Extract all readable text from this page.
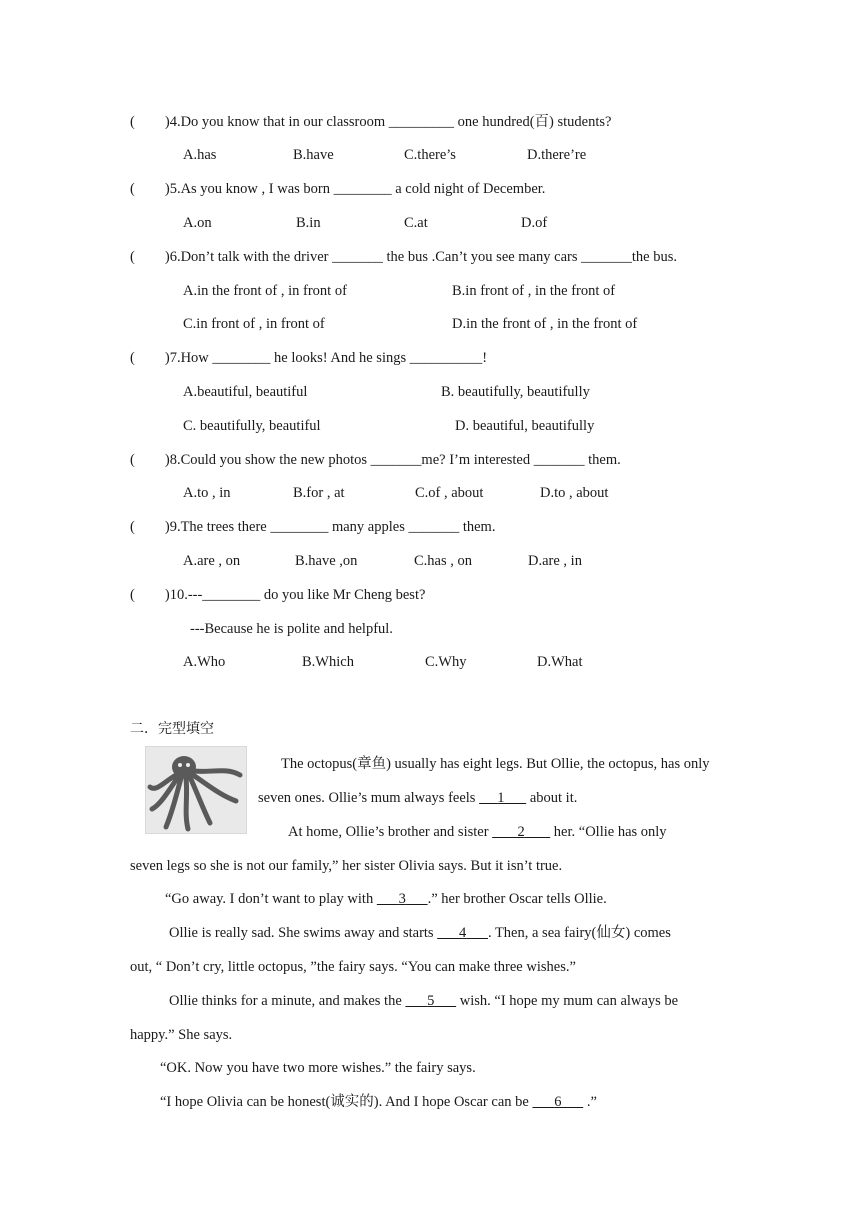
( )4.Do you know that in our classroom _________ one hundred(百) students?
A.has	B.have	C.there’s	D.there’re
( )5.As you know , I was born ________ a cold night of December.
A.on	B.in	C.at	D.of
( )6.Don’t talk with the driver _______ the bus .Can’t you see many cars _______the bus.
A.in the front of , in front of	B.in front of , in the front of
C.in front of , in front of	D.in the front of , in the front of
( )7.How ________ he looks! And he sings __________!
A.beautiful, beautiful	B. beautifully, beautifully
C. beautifully, beautiful	D. beautiful, beautifully
( )8.Could you show the new photos _______me? I’m interested _______ them.
A.to , in	B.for , at	C.of , about	D.to , about
( )9.The trees there ________ many apples _______ them.
A.are , on	B.have ,on	C.has , on	D.are , in
( )10.---________ do you like Mr Cheng best?
---Because he is polite and helpful.
A.Who	B.Which	C.Why	D.What
二．完型填空
The octopus(章鱼) usually has eight legs. But Ollie, the octopus, has only
seven ones. Ollie’s mum always feels      1       about it.
At home, Ollie’s brother and sister        2        her. “Ollie has only
seven legs so she is not our family,” her sister Olivia says. But it isn’t true.
“Go away. I don’t want to play with       3 .” her brother Oscar tells Ollie.
Ollie is really sad. She swims away and starts       4 . Then, a sea fairy(仙女) comes
out, “ Don’t cry, little octopus, ”the fairy says. “You can make three wishes.”
Ollie thinks for a minute, and makes the       5       wish. “I hope my mum can always be
happy.” She says.
“OK. Now you have two more wishes.” the fairy says.
“I hope Olivia can be honest(诚实的). And I hope Oscar can be       6       .”
